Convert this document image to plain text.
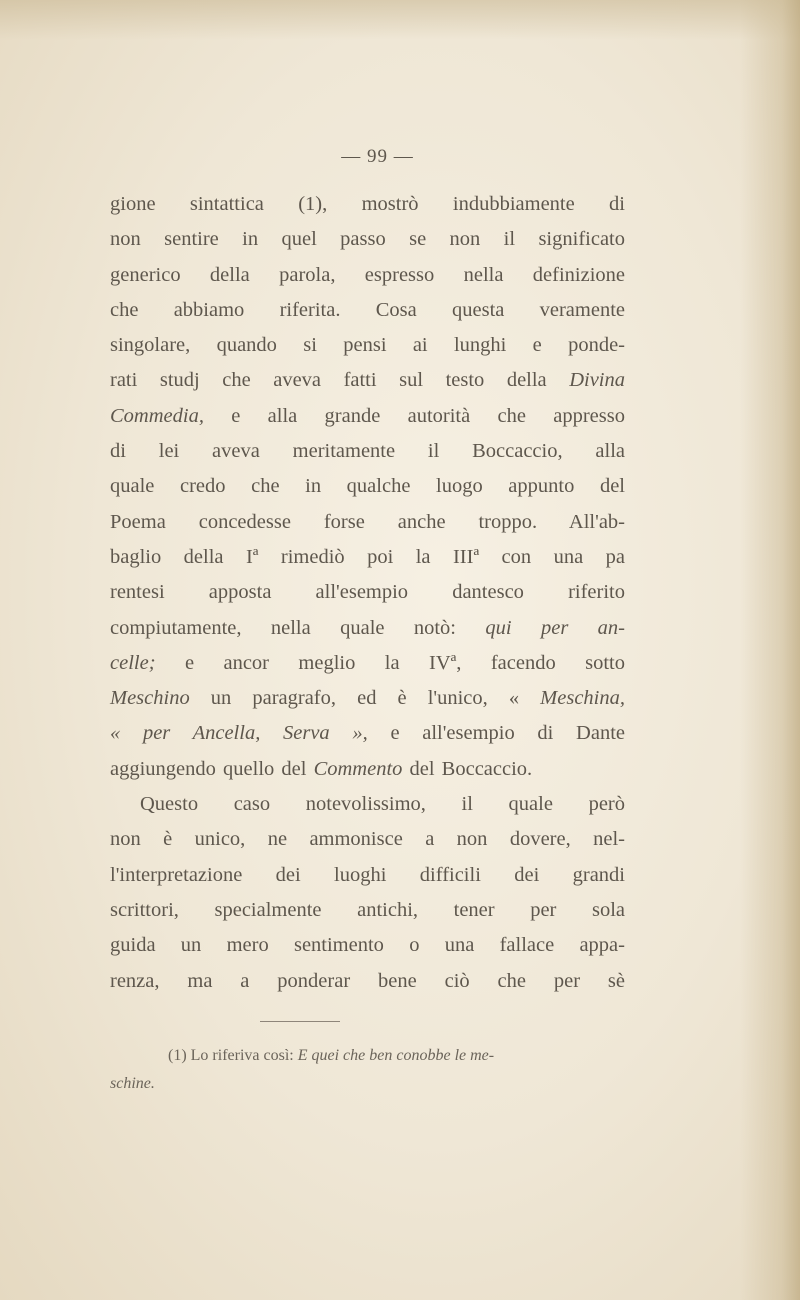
— 99 —
gione sintattica (1), mostrò indubbiamente di
non sentire in quel passo se non il significato
generico della parola, espresso nella definizione
che abbiamo riferita. Cosa questa veramente
singolare, quando si pensi ai lunghi e ponde-
rati studj che aveva fatti sul testo della Divina
Commedia, e alla grande autorità che appresso
di lei aveva meritamente il Boccaccio, alla
quale credo che in qualche luogo appunto del
Poema concedesse forse anche troppo. All'ab-
baglio della Iª rimediò poi la IIIª con una pa
rentesi apposta all'esempio dantesco riferito
compiutamente, nella quale notò: qui per an-
celle; e ancor meglio la IVª, facendo sotto
Meschino un paragrafo, ed è l'unico, « Meschina,
« per Ancella, Serva », e all'esempio di Dante
aggiungendo quello del Commento del Boccaccio.
Questo caso notevolissimo, il quale però
non è unico, ne ammonisce a non dovere, nel-
l'interpretazione dei luoghi difficili dei grandi
scrittori, specialmente antichi, tener per sola
guida un mero sentimento o una fallace appa-
renza, ma a ponderar bene ciò che per sè
(1) Lo riferiva così: E quei che ben conobbe le me-
schine.
